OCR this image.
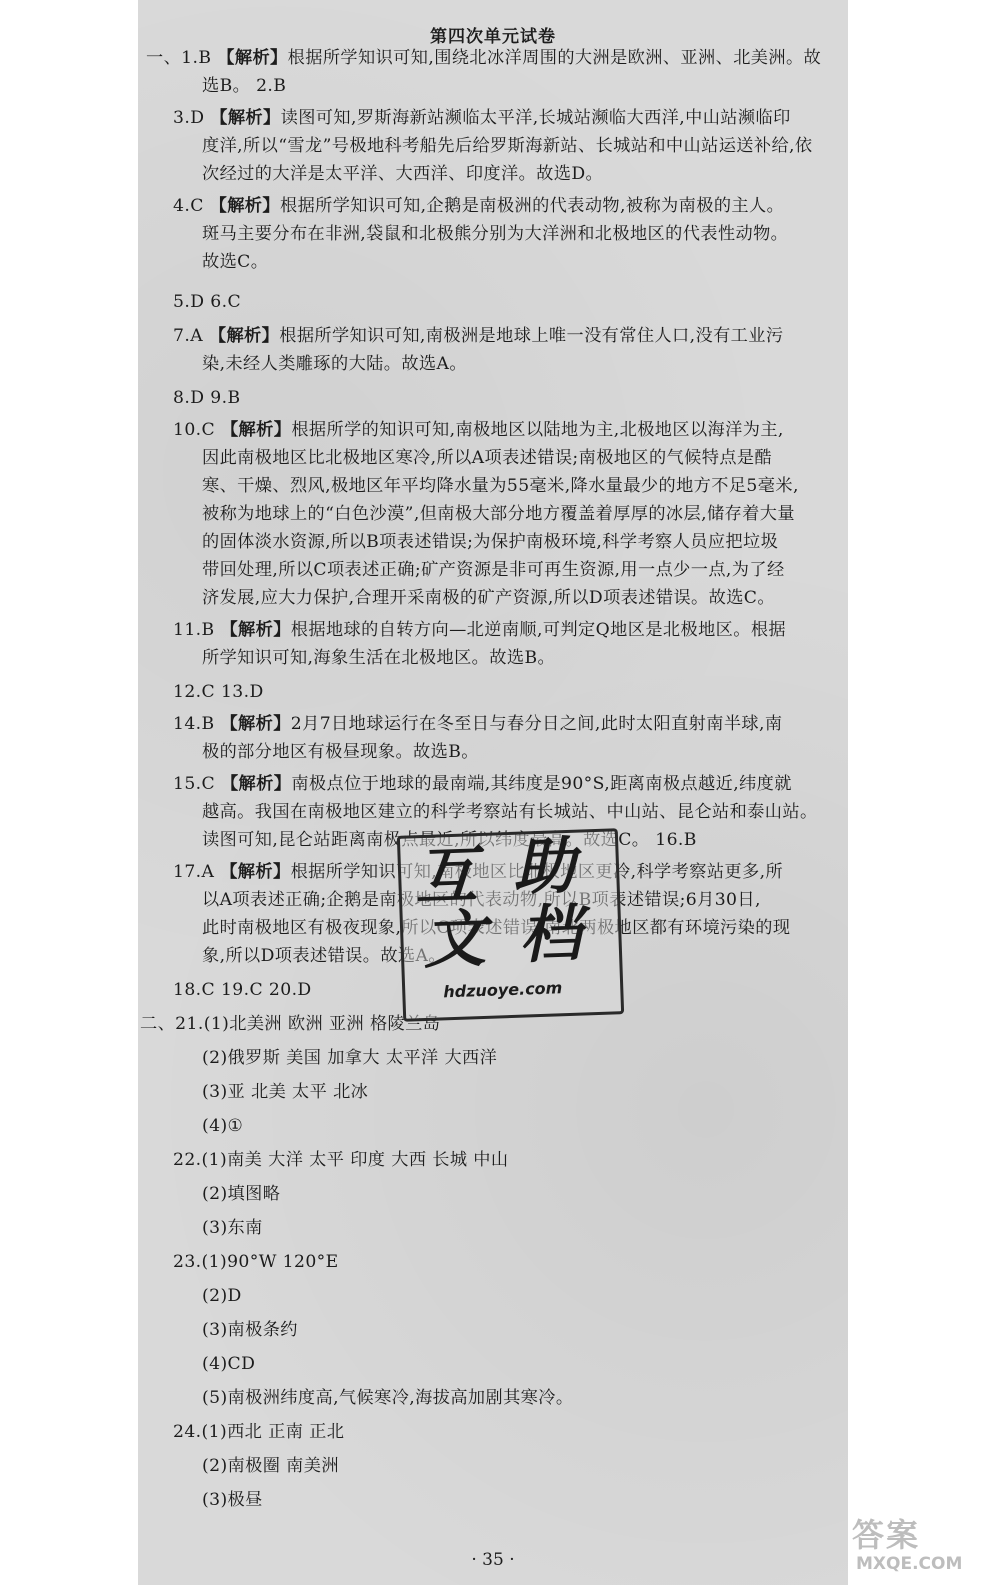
第四次单元试卷
一、1.B 【解析】根据所学知识可知,围绕北冰洋周围的大洲是欧洲、亚洲、北美洲。故
选B。 2.B
3.D 【解析】读图可知,罗斯海新站濒临太平洋,长城站濒临大西洋,中山站濒临印
度洋,所以“雪龙”号极地科考船先后给罗斯海新站、长城站和中山站运送补给,依
次经过的大洋是太平洋、大西洋、印度洋。故选D。
4.C 【解析】根据所学知识可知,企鹅是南极洲的代表动物,被称为南极的主人。
斑马主要分布在非洲,袋鼠和北极熊分别为大洋洲和北极地区的代表性动物。
故选C。
5.D 6.C
7.A 【解析】根据所学知识可知,南极洲是地球上唯一没有常住人口,没有工业污
染,未经人类雕琢的大陆。故选A。
8.D 9.B
10.C 【解析】根据所学的知识可知,南极地区以陆地为主,北极地区以海洋为主,
因此南极地区比北极地区寒冷,所以A项表述错误;南极地区的气候特点是酷
寒、干燥、烈风,极地区年平均降水量为55毫米,降水量最少的地方不足5毫米,
被称为地球上的“白色沙漠”,但南极大部分地方覆盖着厚厚的冰层,储存着大量
的固体淡水资源,所以B项表述错误;为保护南极环境,科学考察人员应把垃圾
带回处理,所以C项表述正确;矿产资源是非可再生资源,用一点少一点,为了经
济发展,应大力保护,合理开采南极的矿产资源,所以D项表述错误。故选C。
11.B 【解析】根据地球的自转方向—北逆南顺,可判定Q地区是北极地区。根据
所学知识可知,海象生活在北极地区。故选B。
12.C 13.D
14.B 【解析】2月7日地球运行在冬至日与春分日之间,此时太阳直射南半球,南
极的部分地区有极昼现象。故选B。
15.C 【解析】南极点位于地球的最南端,其纬度是90°S,距离南极点越近,纬度就
越高。我国在南极地区建立的科学考察站有长城站、中山站、昆仑站和泰山站。
读图可知,昆仑站距离南极点最近,所以纬度最高。故选C。 16.B
17.A 【解析】根据所学知识可知,南极地区比北极地区更冷,科学考察站更多,所
以A项表述正确;企鹅是南极地区的代表动物,所以B项表述错误;6月30日,
此时南极地区有极夜现象,所以C项表述错误;南北两极地区都有环境污染的现
象,所以D项表述错误。故选A。
18.C 19.C 20.D
二、21.(1)北美洲 欧洲 亚洲 格陵兰岛
(2)俄罗斯 美国 加拿大 太平洋 大西洋
(3)亚 北美 太平 北冰
(4)①
22.(1)南美 大洋 太平 印度 大西 长城 中山
(2)填图略
(3)东南
23.(1)90°W 120°E
(2)D
(3)南极条约
(4)CD
(5)南极洲纬度高,气候寒冷,海拔高加剧其寒冷。
24.(1)西北 正南 正北
(2)南极圈 南美洲
(3)极昼
互 助
文 档
hdzuoye.com
· 35 ·
答案
MXQE.COM
